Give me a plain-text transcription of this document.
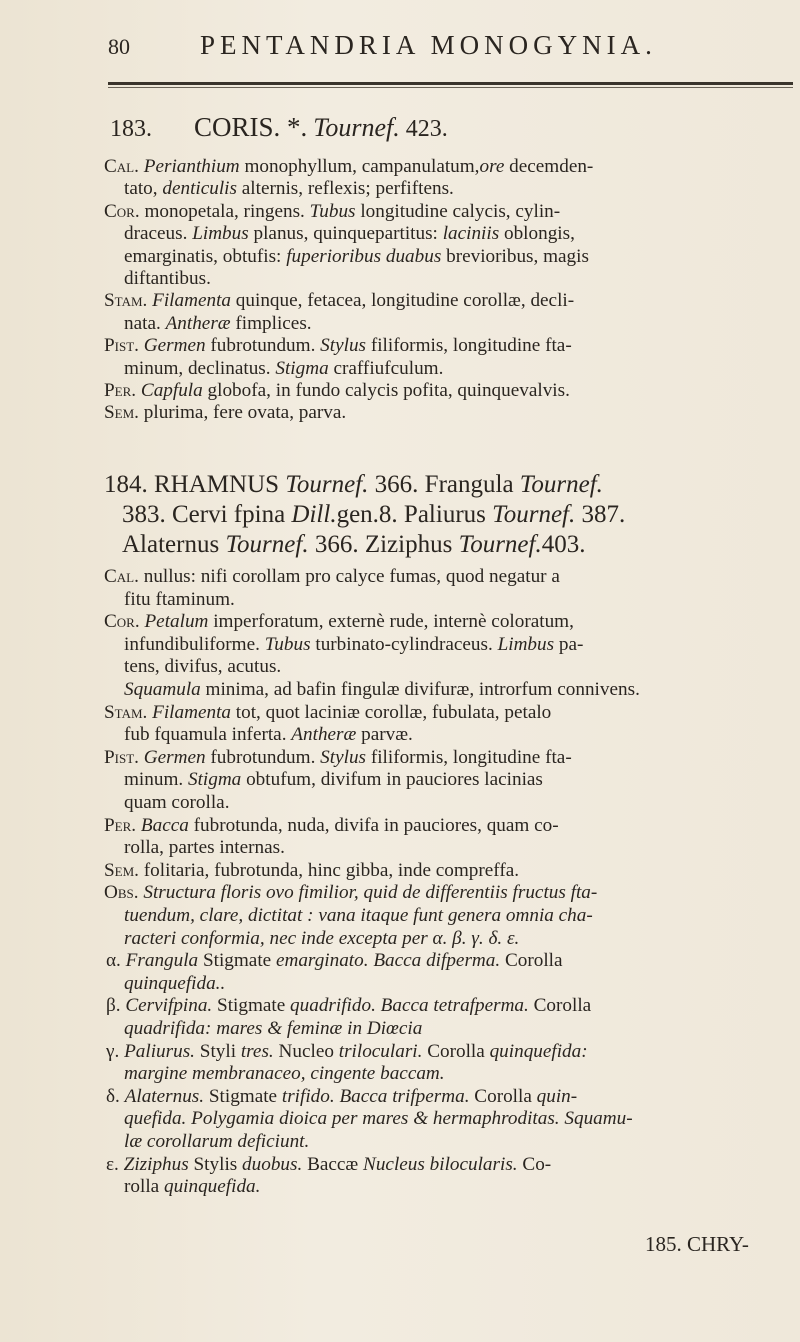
80	PENTANDRIA MONOGYNIA.
183. CORIS. *. Tournef. 423.
Cal. Perianthium monophyllum, campanulatum,ore decemden-
tato, denticulis alternis, reflexis; perfiftens.
Cor. monopetala, ringens. Tubus longitudine calycis, cylin-
draceus. Limbus planus, quinquepartitus: laciniis oblongis,
emarginatis, obtufis: fuperioribus duabus brevioribus, magis
diftantibus.
Stam. Filamenta quinque, fetacea, longitudine corollæ, decli-
nata. Antheræ fimplices.
Pist. Germen fubrotundum. Stylus filiformis, longitudine fta-
minum, declinatus. Stigma craffiufculum.
Per. Capfula globofa, in fundo calycis pofita, quinquevalvis.
Sem. plurima, fere ovata, parva.
184. RHAMNUS Tournef. 366. Frangula Tournef.
383. Cervi fpina Dill.gen.8. Paliurus Tournef. 387.
Alaternus Tournef. 366. Ziziphus Tournef.403.
Cal. nullus: nifi corollam pro calyce fumas, quod negatur a
fitu ftaminum.
Cor. Petalum imperforatum, externè rude, internè coloratum,
infundibuliforme. Tubus turbinato-cylindraceus. Limbus pa-
tens, divifus, acutus.
Squamula minima, ad bafin fingulæ divifuræ, introrfum connivens.
Stam. Filamenta tot, quot laciniæ corollæ, fubulata, petalo
fub fquamula inferta. Antheræ parvæ.
Pist. Germen fubrotundum. Stylus filiformis, longitudine fta-
minum. Stigma obtufum, divifum in pauciores lacinias
quam corolla.
Per. Bacca fubrotunda, nuda, divifa in pauciores, quam co-
rolla, partes internas.
Sem. folitaria, fubrotunda, hinc gibba, inde compreffa.
Obs. Structura floris ovo fimilior, quid de differentiis fructus fta-
tuendum, clare, dictitat : vana itaque funt genera omnia cha-
racteri conformia, nec inde excepta per α. β. γ. δ. ε.
α. Frangula Stigmate emarginato. Bacca difperma. Corolla
quinquefida..
β. Cervifpina. Stigmate quadrifido. Bacca tetrafperma. Corolla
quadrifida: mares & feminæ in Diœcia
γ. Paliurus. Styli tres. Nucleo triloculari. Corolla quinquefida:
margine membranaceo, cingente baccam.
δ. Alaternus. Stigmate trifido. Bacca trifperma. Corolla quin-
quefida. Polygamia dioica per mares & hermaphroditas. Squamu-
læ corollarum deficiunt.
ε. Ziziphus Stylis duobus. Baccæ Nucleus bilocularis. Co-
rolla quinquefida.
185. CHRY-
